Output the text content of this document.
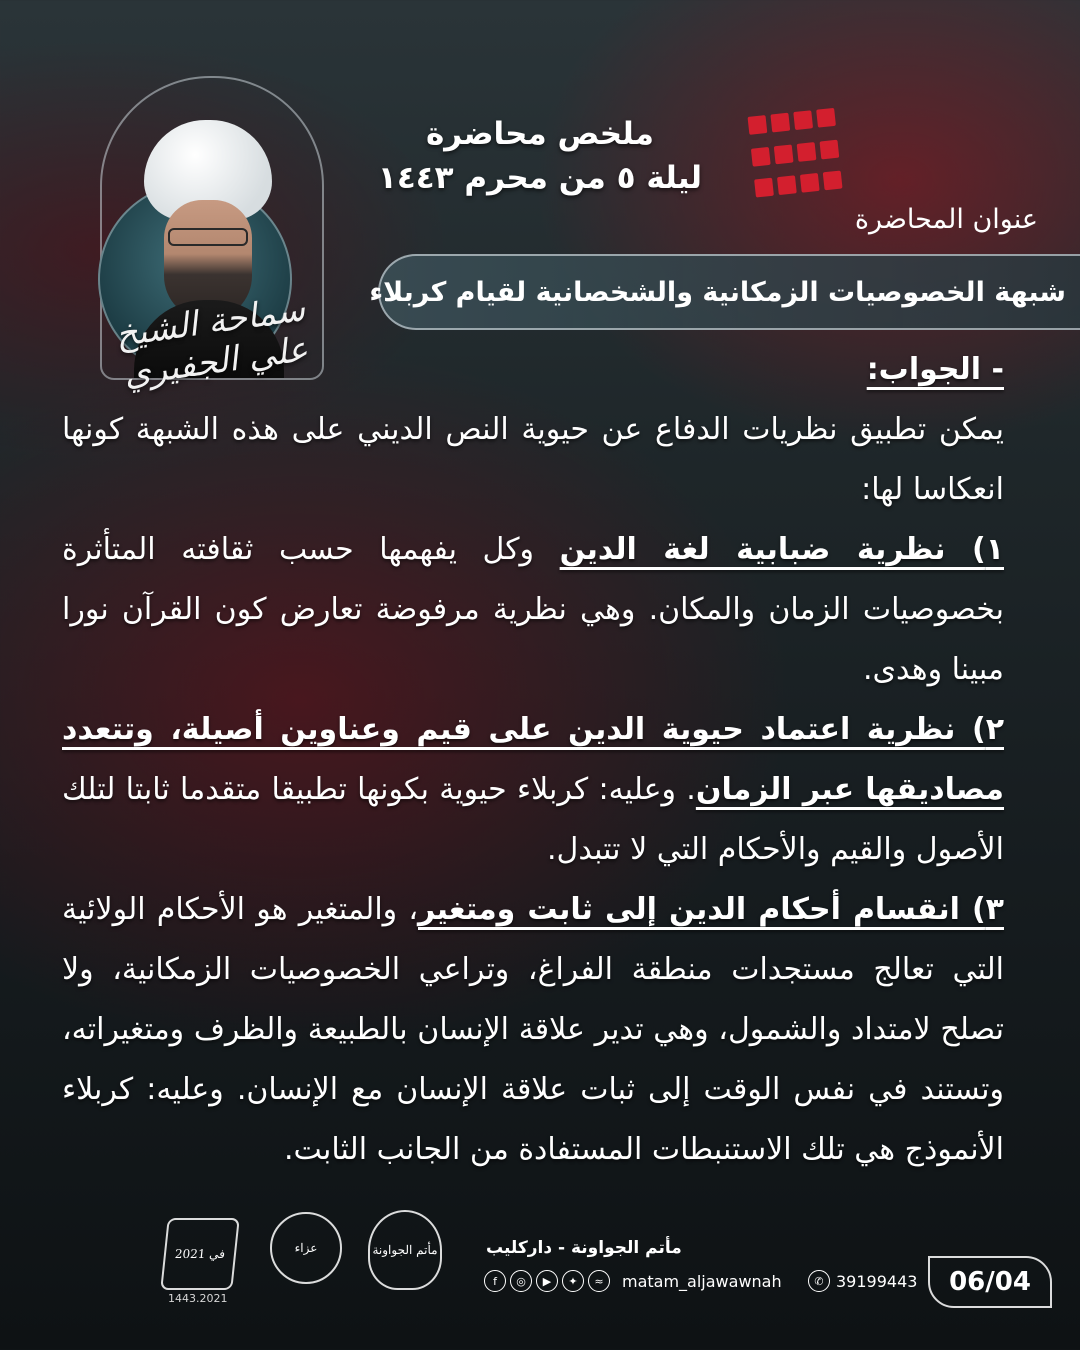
سماحة الشيخ علي الجفيري
ملخص محاضرة
ليلة ٥ من محرم ١٤٤٣
عنوان المحاضرة
شبهة الخصوصيات الزمكانية والشخصانية لقيام كربلاء

- الجواب:

يمكن تطبيق نظريات الدفاع عن حيوية النص الديني على هذه الشبهة كونها انعكاسا لها:

١) نظرية ضبابية لغة الدين وكل يفهمها حسب ثقافته المتأثرة بخصوصيات الزمان والمكان. وهي نظرية مرفوضة تعارض كون القرآن نورا مبينا وهدى.

٢) نظرية اعتماد حيوية الدين على قيم وعناوين أصيلة، وتتعدد مصاديقها عبر الزمان. وعليه: كربلاء حيوية بكونها تطبيقا متقدما ثابتا لتلك الأصول والقيم والأحكام التي لا تتبدل.

٣) انقسام أحكام الدين إلى ثابت ومتغير، والمتغير هو الأحكام الولائية التي تعالج مستجدات منطقة الفراغ، وتراعي الخصوصيات الزمكانية، ولا تصلح لامتداد والشمول، وهي تدير علاقة الإنسان بالطبيعة والظرف ومتغيراته، وتستند في نفس الوقت إلى ثبات علاقة الإنسان مع الإنسان. وعليه: كربلاء الأنموذج هي تلك الاستنبطات المستفادة من الجانب الثابت.

في 2021
1443.2021
عزاء	مأتم الجواونة	مأتم الجواونة - داركليب
f	◎	▶	✦	≈	matam_aljawawnah	✆ 39199443 06/04
